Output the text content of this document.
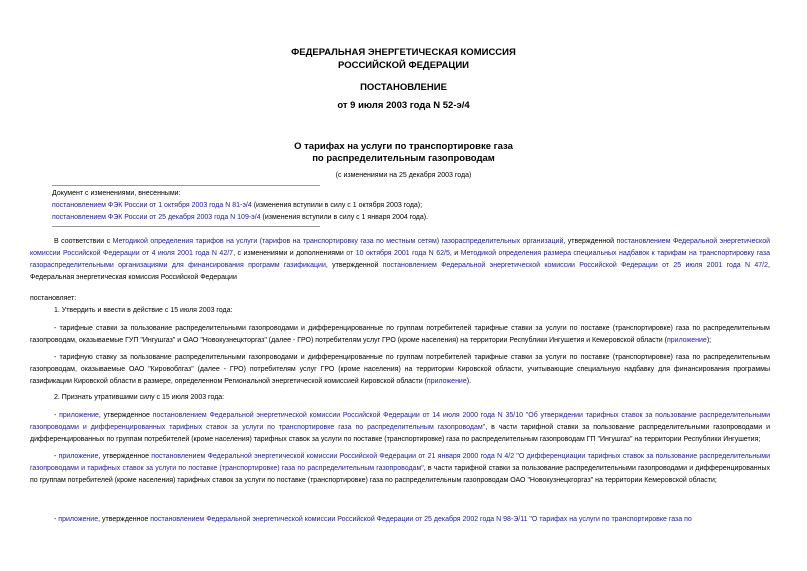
ФЕДЕРАЛЬНАЯ ЭНЕРГЕТИЧЕСКАЯ КОМИССИЯ
РОССИЙСКОЙ ФЕДЕРАЦИИ
ПОСТАНОВЛЕНИЕ
от 9 июля 2003 года N 52-э/4
О тарифах на услуги по транспортировке газа
по распределительным газопроводам
(с изменениями на 25 декабря 2003 года)
Документ с изменениями, внесенными:
постановлением ФЭК России от 1 октября 2003 года N 81-э/4 (изменения вступили в силу с 1 октября 2003 года);
постановлением ФЭК России от 25 декабря 2003 года N 109-э/4 (изменения вступили в силу с 1 января 2004 года).
В соответствии с Методикой определения тарифов на услуги (тарифов на транспортировку газа по местным сетям) газораспределительных организаций, утвержденной постановлением Федеральной энергетической комиссии Российской Федерации от 4 июля 2001 года N 42/7, с изменениями и дополнениями от 10 октября 2001 года N 62/5, и Методикой определения размера специальных надбавок к тарифам на транспортировку газа газораспределительными организациями для финансирования программ газификации, утвержденной постановлением Федеральной энергетической комиссии Российской Федерации от 25 июля 2001 года N 47/2, Федеральная энергетическая комиссия Российской Федерации
постановляет:
1. Утвердить и ввести в действие с 15 июля 2003 года:
- тарифные ставки за пользование распределительными газопроводами и дифференцированные по группам потребителей тарифные ставки за услуги по поставке (транспортировке) газа по распределительным газопроводам, оказываемые ГУП "Ингушгаз" и ОАО "Новокузнецкторгаз" (далее - ГРО) потребителям услуг ГРО (кроме населения) на территории Республики Ингушетия и Кемеровской области (приложение);
- тарифную ставку за пользование распределительными газопроводами и дифференцированные по группам потребителей тарифные ставки за услуги по поставке (транспортировке) газа по распределительным газопроводам, оказываемые ОАО "Кировоблгаз" (далее - ГРО) потребителям услуг ГРО (кроме населения) на территории Кировской области, учитывающие специальную надбавку для финансирования программы газификации Кировской области в размере, определенном Региональной энергетической комиссией Кировской области (приложение).
2. Признать утратившими силу с 15 июля 2003 года:
- приложение, утвержденное постановлением Федеральной энергетической комиссии Российской Федерации от 14 июля 2000 года N 35/10 "Об утверждении тарифных ставок за пользование распределительными газопроводами и дифференцированных тарифных ставок за услуги по транспортировке газа по распределительным газопроводам", в части тарифной ставки за пользование распределительными газопроводами и дифференцированных по группам потребителей (кроме населения) тарифных ставок за услуги по поставке (транспортировке) газа по распределительным газопроводам ГП "Ингушгаз" на территории Республики Ингушетия;
- приложение, утвержденное постановлением Федеральной энергетической комиссии Российской Федерации от 21 января 2000 года N 4/2 "О дифференциации тарифных ставок за пользование распределительными газопроводами и тарифных ставок за услуги по поставке (транспортировке) газа по распределительным газопроводам", в части тарифной ставки за пользование распределительными газопроводами и дифференцированных по группам потребителей (кроме населения) тарифных ставок за услуги по поставке (транспортировке) газа по распределительным газопроводам ОАО "Новокузнецкгоргаз" на территории Кемеровской области;
- приложение, утвержденное постановлением Федеральной энергетической комиссии Российской Федерации от 25 декабря 2002 года N 98-Э/11 "О тарифах на услуги по транспортировке газа по
